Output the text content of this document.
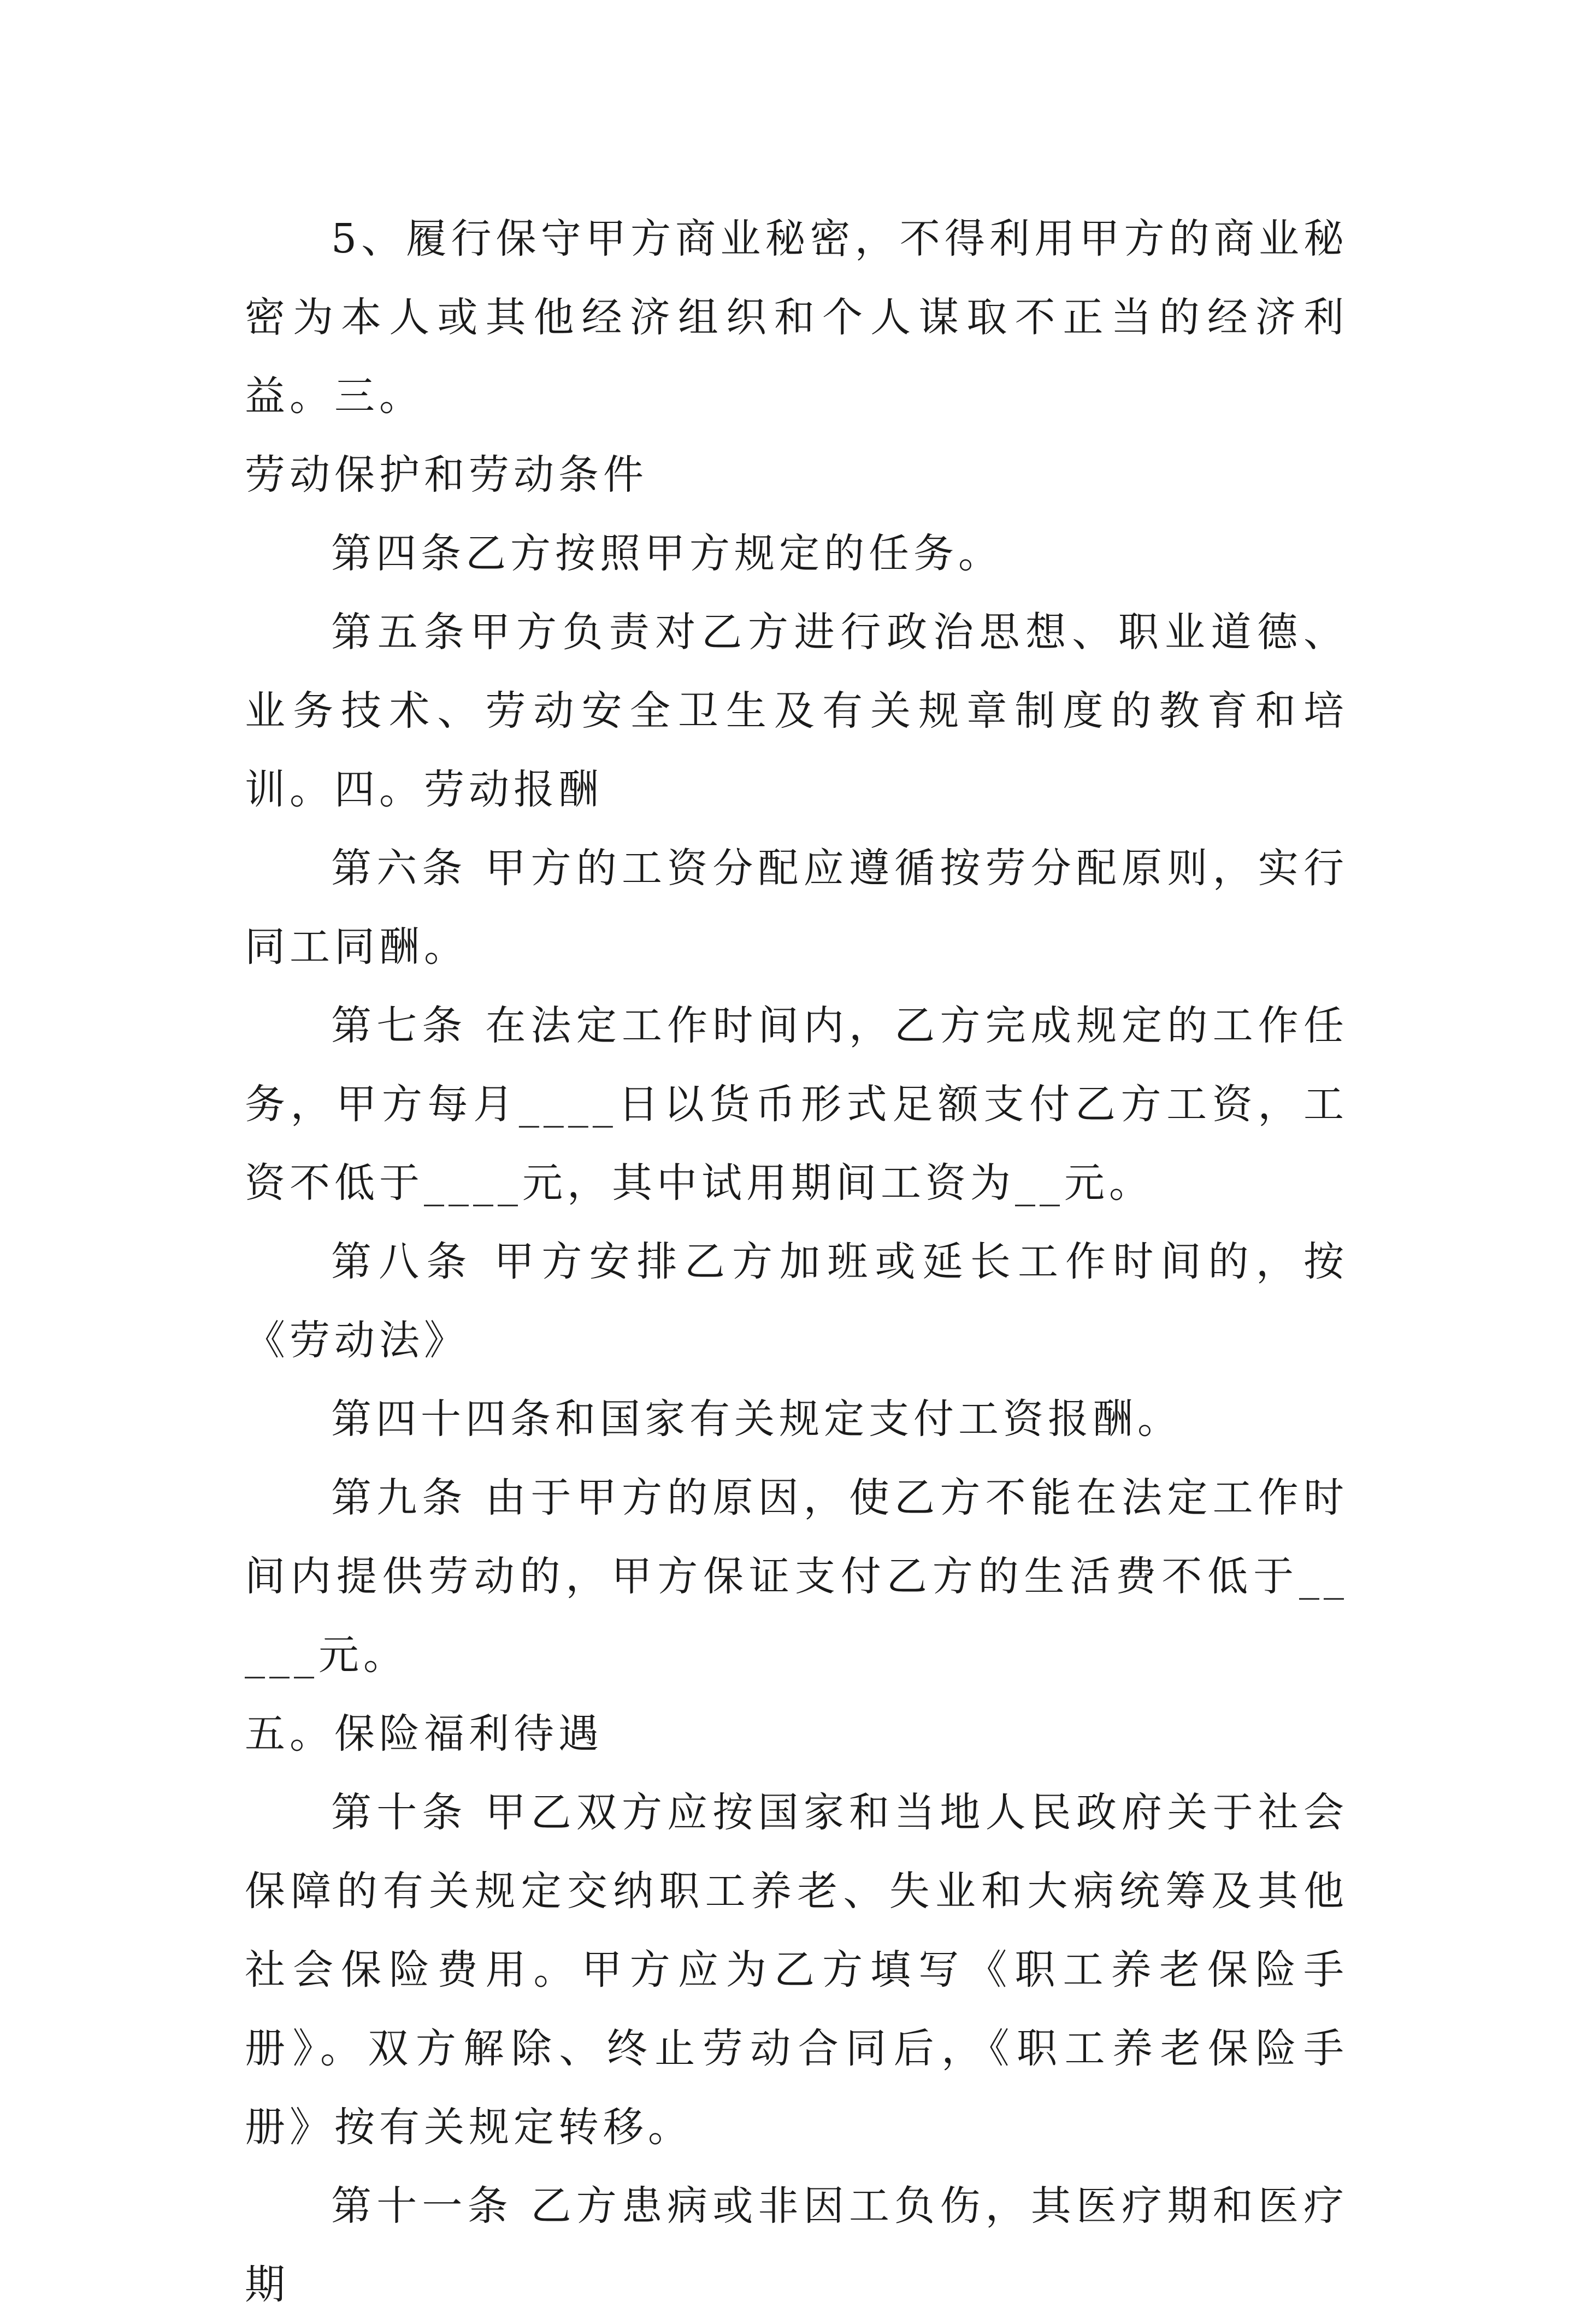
5、履行保守甲方商业秘密，不得利用甲方的商业秘密为本人或其他经济组织和个人谋取不正当的经济利益。三。

劳动保护和劳动条件

第四条乙方按照甲方规定的任务。

第五条甲方负责对乙方进行政治思想、职业道德、业务技术、劳动安全卫生及有关规章制度的教育和培训。四。劳动报酬

第六条 甲方的工资分配应遵循按劳分配原则，实行同工同酬。

第七条 在法定工作时间内，乙方完成规定的工作任务，甲方每月____日以货币形式足额支付乙方工资，工资不低于____元，其中试用期间工资为__元。

第八条 甲方安排乙方加班或延长工作时间的，按《劳动法》

第四十四条和国家有关规定支付工资报酬。

第九条 由于甲方的原因，使乙方不能在法定工作时间内提供劳动的，甲方保证支付乙方的生活费不低于_____元。

五。保险福利待遇

第十条 甲乙双方应按国家和当地人民政府关于社会保障的有关规定交纳职工养老、失业和大病统筹及其他社会保险费用。甲方应为乙方填写《职工养老保险手册》。双方解除、终止劳动合同后，《职工养老保险手册》按有关规定转移。

第十一条 乙方患病或非因工负伤，其医疗期和医疗期
